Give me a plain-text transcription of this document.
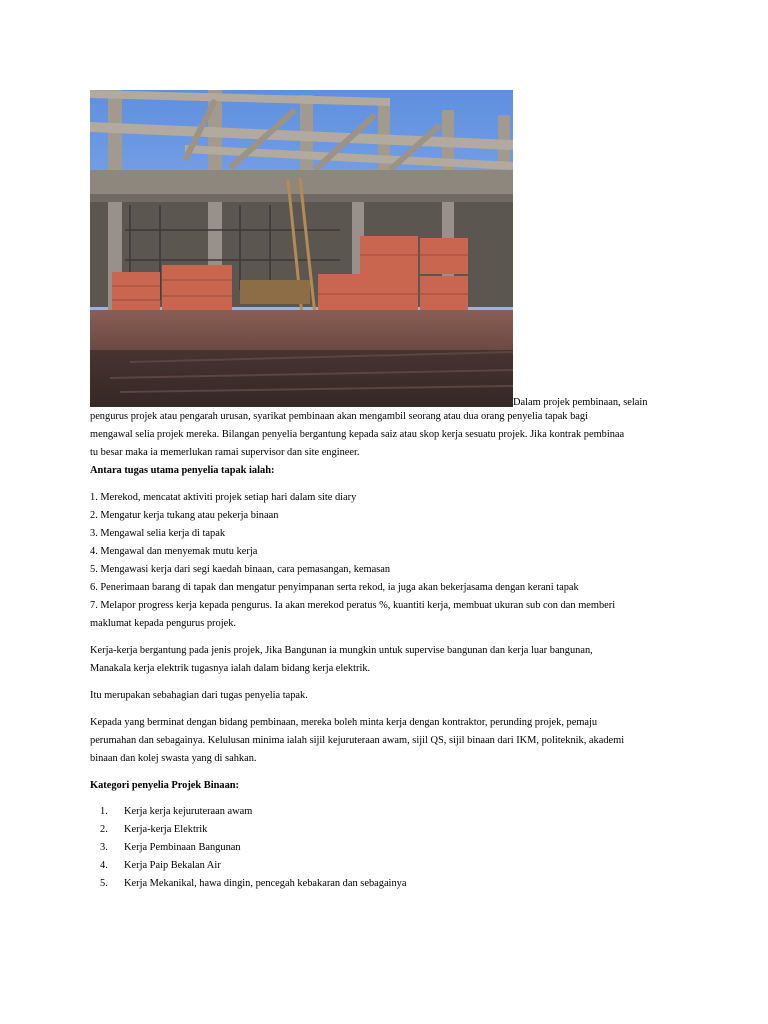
Dalam projek pembinaan, selain

pengurus projek atau pengarah urusan, syarikat pembinaan akan mengambil seorang atau dua orang penyelia tapak bagi
mengawal selia projek mereka. Bilangan penyelia bergantung kepada saiz atau skop kerja sesuatu projek. Jika kontrak pembinaa
tu besar maka ia memerlukan ramai supervisor dan site engineer.

Antara tugas utama penyelia tapak ialah:

1. Merekod, mencatat aktiviti projek setiap hari dalam site diary
2. Mengatur kerja tukang atau pekerja binaan
3. Mengawal selia kerja di tapak
4. Mengawal dan menyemak mutu kerja
5. Mengawasi kerja dari segi kaedah binaan, cara pemasangan, kemasan
6. Penerimaan barang di tapak dan mengatur penyimpanan serta rekod, ia juga akan bekerjasama dengan kerani tapak
7. Melapor progress kerja kepada pengurus. Ia akan merekod peratus %, kuantiti kerja, membuat ukuran sub con dan memberi
maklumat kepada pengurus projek.

Kerja-kerja bergantung pada jenis projek, Jika Bangunan ia mungkin untuk supervise bangunan dan kerja luar bangunan,
Manakala kerja elektrik tugasnya ialah dalam bidang kerja elektrik.

Itu merupakan sebahagian dari tugas penyelia tapak.

Kepada yang berminat dengan bidang pembinaan, mereka boleh minta kerja dengan kontraktor, perunding projek, pemaju
perumahan dan sebagainya. Kelulusan minima ialah sijil kejuruteraan awam, sijil QS, sijil binaan dari IKM, politeknik, akademi
binaan dan kolej swasta yang di sahkan.

Kategori penyelia Projek Binaan:

1. Kerja kerja kejuruteraan awam
2. Kerja-kerja Elektrik
3. Kerja Pembinaan Bangunan
4. Kerja Paip Bekalan Air
5. Kerja Mekanikal, hawa dingin, pencegah kebakaran dan sebagainya
